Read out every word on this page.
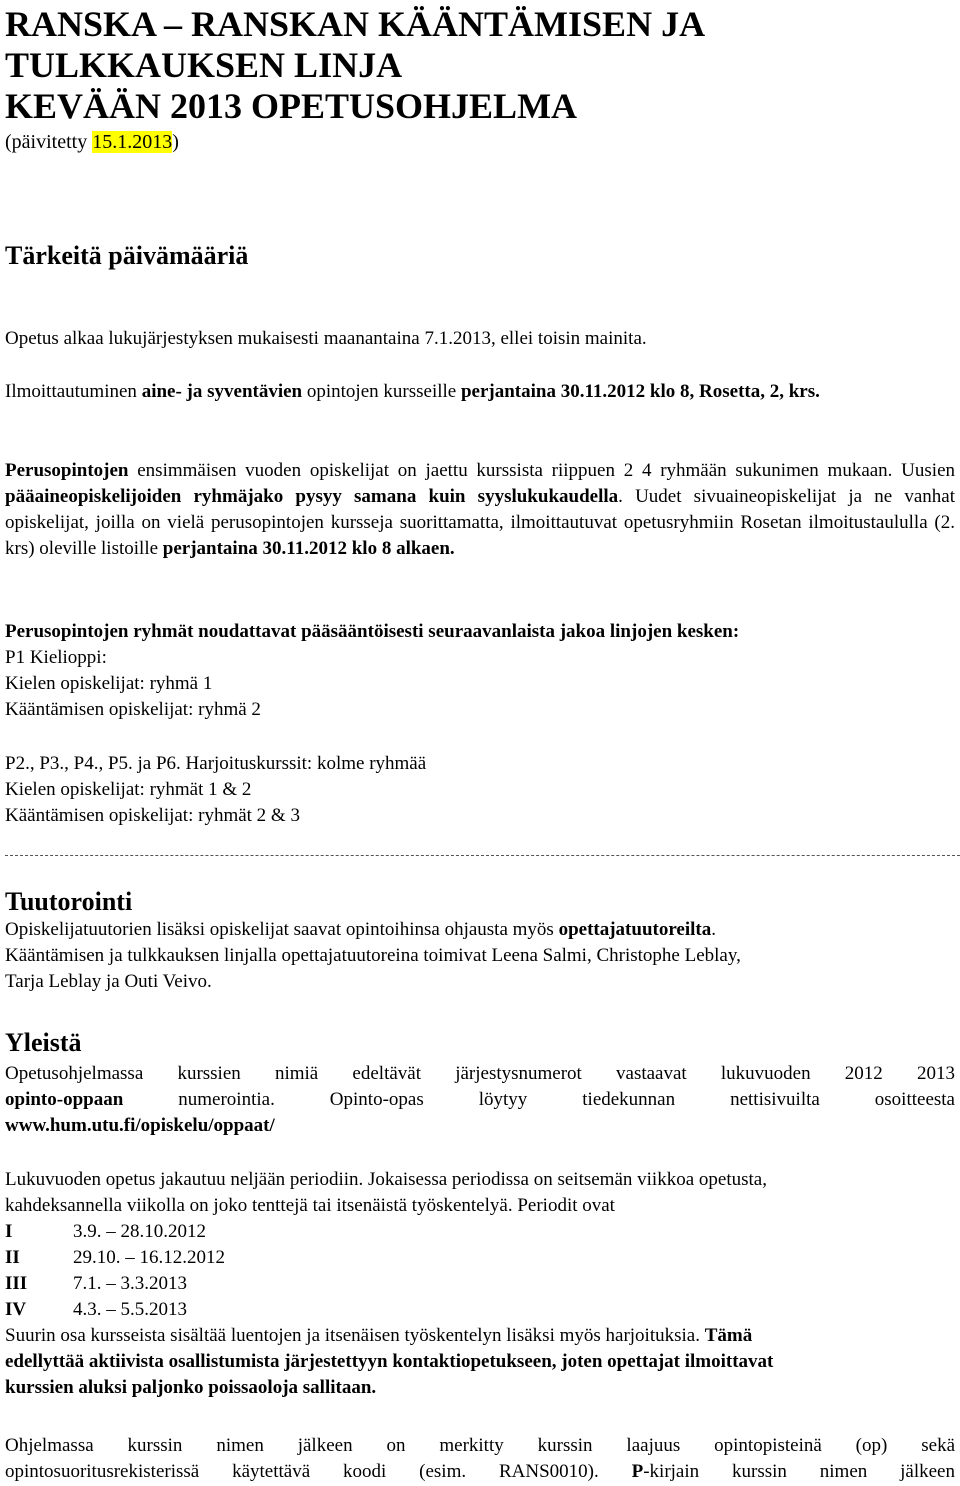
RANSKA – RANSKAN KÄÄNTÄMISEN JA
TULKKAUKSEN LINJA
KEVÄÄN 2013 OPETUSOHJELMA
(päivitetty 15.1.2013)
Tärkeitä päivämääriä

Opetus alkaa lukujärjestyksen mukaisesti maanantaina 7.1.2013, ellei toisin mainita.

Ilmoittautuminen aine- ja syventävien opintojen kursseille perjantaina 30.11.2012 klo 8, Rosetta, 2, krs.

Perusopintojen ensimmäisen vuoden opiskelijat on jaettu kurssista riippuen 2 4 ryhmään sukunimen mukaan. Uusien pääaineopiskelijoiden ryhmäjako pysyy samana kuin syyslukukaudella. Uudet sivuaineopiskelijat ja ne vanhat opiskelijat, joilla on vielä perusopintojen kursseja suorittamatta, ilmoittautuvat opetusryhmiin Rosetan ilmoitustaululla (2. krs) oleville listoille perjantaina 30.11.2012 klo 8 alkaen.

Perusopintojen ryhmät noudattavat pääsääntöisesti seuraavanlaista jakoa linjojen kesken:
P1 Kielioppi:
Kielen opiskelijat: ryhmä 1
Kääntämisen opiskelijat: ryhmä 2

P2., P3., P4., P5. ja P6. Harjoituskurssit: kolme ryhmää
Kielen opiskelijat: ryhmät 1 & 2
Kääntämisen opiskelijat: ryhmät 2 & 3

Tuutorointi

Opiskelijatuutorien lisäksi opiskelijat saavat opintoihinsa ohjausta myös opettajatuutoreilta.
Kääntämisen ja tulkkauksen linjalla opettajatuutoreina toimivat Leena Salmi, Christophe Leblay,
Tarja Leblay ja Outi Veivo.

Yleistä

Opetusohjelmassa kurssien nimiä edeltävät järjestysnumerot vastaavat lukuvuoden 2012 2013
opinto-oppaan numerointia. Opinto-opas löytyy tiedekunnan nettisivuilta osoitteesta
www.hum.utu.fi/opiskelu/oppaat/

Lukuvuoden opetus jakautuu neljään periodiin. Jokaisessa periodissa on seitsemän viikkoa opetusta,
kahdeksannella viikolla on joko tenttejä tai itsenäistä työskentelyä. Periodit ovat
I	3.9. – 28.10.2012
II	29.10. – 16.12.2012
III	7.1. – 3.3.2013
IV	4.3. – 5.5.2013
Suurin osa kursseista sisältää luentojen ja itsenäisen työskentelyn lisäksi myös harjoituksia. Tämä
edellyttää aktiivista osallistumista järjestettyyn kontaktiopetukseen, joten opettajat ilmoittavat
kurssien aluksi paljonko poissaoloja sallitaan.

Ohjelmassa kurssin nimen jälkeen on merkitty kurssin laajuus opintopisteinä (op) sekä
opintosuoritusrekisterissä käytettävä koodi (esim. RANS0010). P-kirjain kurssin nimen jälkeen
